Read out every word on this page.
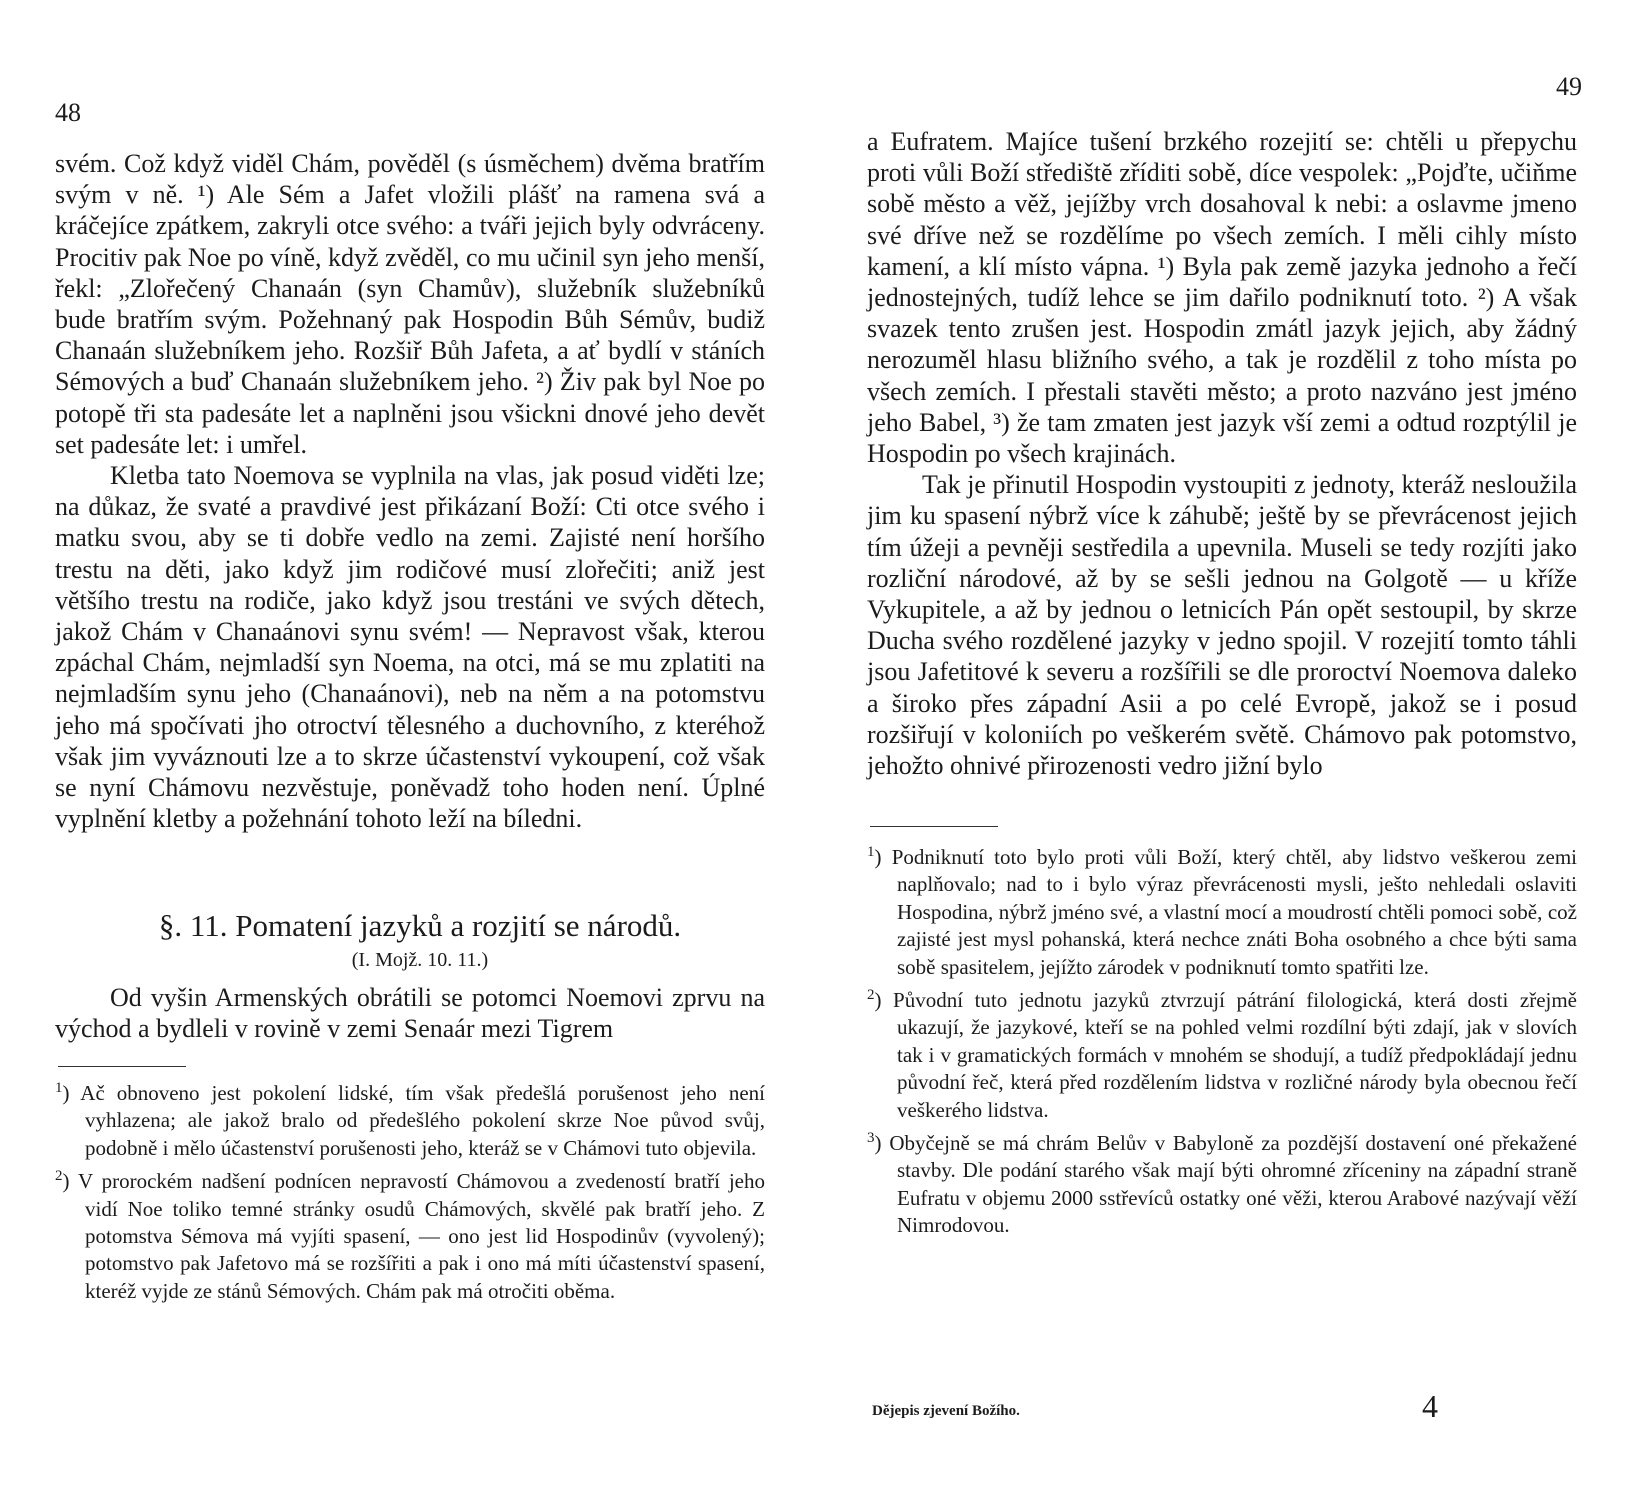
48

svém. Což když viděl Chám, pověděl (s úsměchem) dvěma bratřím svým v ně. ¹) Ale Sém a Jafet vložili plášť na ramena svá a kráčejíce zpátkem, zakryli otce svého: a tváři jejich byly odvráceny. Procitiv pak Noe po víně, když zvěděl, co mu učinil syn jeho menší, řekl: „Zlořečený Chanaán (syn Chamův), služebník služebníků bude bratřím svým. Požehnaný pak Hospodin Bůh Sémův, budiž Chanaán služebníkem jeho. Rozšiř Bůh Jafeta, a ať bydlí v stáních Sémových a buď Chanaán služebníkem jeho. ²) Živ pak byl Noe po potopě tři sta padesáte let a naplněni jsou všickni dnové jeho devět set padesáte let: i umřel.

Kletba tato Noemova se vyplnila na vlas, jak posud viděti lze; na důkaz, že svaté a pravdivé jest přikázaní Boží: Cti otce svého i matku svou, aby se ti dobře vedlo na zemi. Zajisté není horšího trestu na děti, jako když jim rodičové musí zlořečiti; aniž jest většího trestu na rodiče, jako když jsou trestáni ve svých dětech, jakož Chám v Chanaánovi synu svém! — Nepravost však, kterou zpáchal Chám, nejmladší syn Noema, na otci, má se mu zplatiti na nejmladším synu jeho (Chanaánovi), neb na něm a na potomstvu jeho má spočívati jho otroctví tělesného a duchovního, z kteréhož však jim vyváznouti lze a to skrze účastenství vykoupení, což však se nyní Chámovu nezvěstuje, poněvadž toho hoden není. Úplné vyplnění kletby a požehnání tohoto leží na bíledni.

§. 11. Pomatení jazyků a rozjití se národů.
(I. Mojž. 10. 11.)

Od vyšin Armenských obrátili se potomci Noemovi zprvu na východ a bydleli v rovině v zemi Senaár mezi Tigrem

$^1$) Ač obnoveno jest pokolení lidské, tím však předešlá porušenost jeho není vyhlazena; ale jakož bralo od předešlého pokolení skrze Noe původ svůj, podobně i mělo účastenství porušenosti jeho, kteráž se v Chámovi tuto objevila.

$^2$) V prorockém nadšení podnícen nepravostí Chámovou a zvedeností bratří jeho vidí Noe toliko temné stránky osudů Chámových, skvělé pak bratří jeho. Z potomstva Sémova má vyjíti spasení, — ono jest lid Hospodinův (vyvolený); potomstvo pak Jafetovo má se rozšířiti a pak i ono má míti účastenství spasení, kteréž vyjde ze stánů Sémových. Chám pak má otročiti oběma.

49

a Eufratem. Majíce tušení brzkého rozejití se: chtěli u přepychu proti vůli Boží středištĕ zříditi sobě, díce vespolek: „Pojďte, učiňme sobě město a věž, jejížby vrch dosahoval k nebi: a oslavme jmeno své dříve než se rozdělíme po všech zemích. I měli cihly místo kamení, a klí místo vápna. ¹) Byla pak země jazyka jednoho a řečí jednostejných, tudíž lehce se jim dařilo podniknutí toto. ²) A však svazek tento zrušen jest. Hospodin zmátl jazyk jejich, aby žádný nerozuměl hlasu bližního svého, a tak je rozdělil z toho místa po všech zemích. I přestali stavěti město; a proto nazváno jest jméno jeho Babel, ³) že tam zmaten jest jazyk vší zemi a odtud rozptýlil je Hospodin po všech krajinách.

Tak je přinutil Hospodin vystoupiti z jednoty, kteráž nesloužila jim ku spasení nýbrž více k záhubě; ještě by se převrácenost jejich tím úžeji a pevněji sestředila a upevnila. Museli se tedy rozjíti jako rozliční národové, až by se sešli jednou na Golgotě — u kříže Vykupitele, a až by jednou o letnicích Pán opět sestoupil, by skrze Ducha svého rozdělené jazyky v jedno spojil. V rozejití tomto táhli jsou Jafetitové k severu a rozšířili se dle proroctví Noemova daleko a široko přes západní Asii a po celé Evropě, jakož se i posud rozšiřují v koloniích po veškerém světě. Chámovo pak potomstvo, jehožto ohnivé přirozenosti vedro jižní bylo

$^1$) Podniknutí toto bylo proti vůli Boží, který chtěl, aby lidstvo veškerou zemi naplňovalo; nad to i bylo výraz převrácenosti mysli, ještо nehledali oslaviti Hospodina, nýbrž jméno své, a vlastní mocí a moudrostí chtěli pomoci sobě, což zajisté jest mysl pohanská, která nechce znáti Boha osobného a chce býti sama sobě spasitelem, jejížto zárodek v podniknutí tomto spatřiti lze.

$^2$) Původní tuto jednotu jazyků ztvrzují pátrání filologická, která dosti zřejmě ukazují, že jazykové, kteří se na pohled velmi rozdílní býti zdají, jak v slovích tak i v gramatických formách v mnohém se shodují, a tudíž předpokládají jednu původní řeč, která před rozdělením lidstva v rozličné národy byla obecnou řečí veškerého lidstva.

$^3$) Obyčejně se má chrám Belův v Babyloně za pozdější dostavení oné překažené stavby. Dle podání starého však mají býti ohromné zříceniny na západní straně Eufratu v objemu 2000 sstřevíců ostatky oné věži, kterou Arabové nazývají věží Nimrodovou.

Dějepis zjevení Božího.	4
